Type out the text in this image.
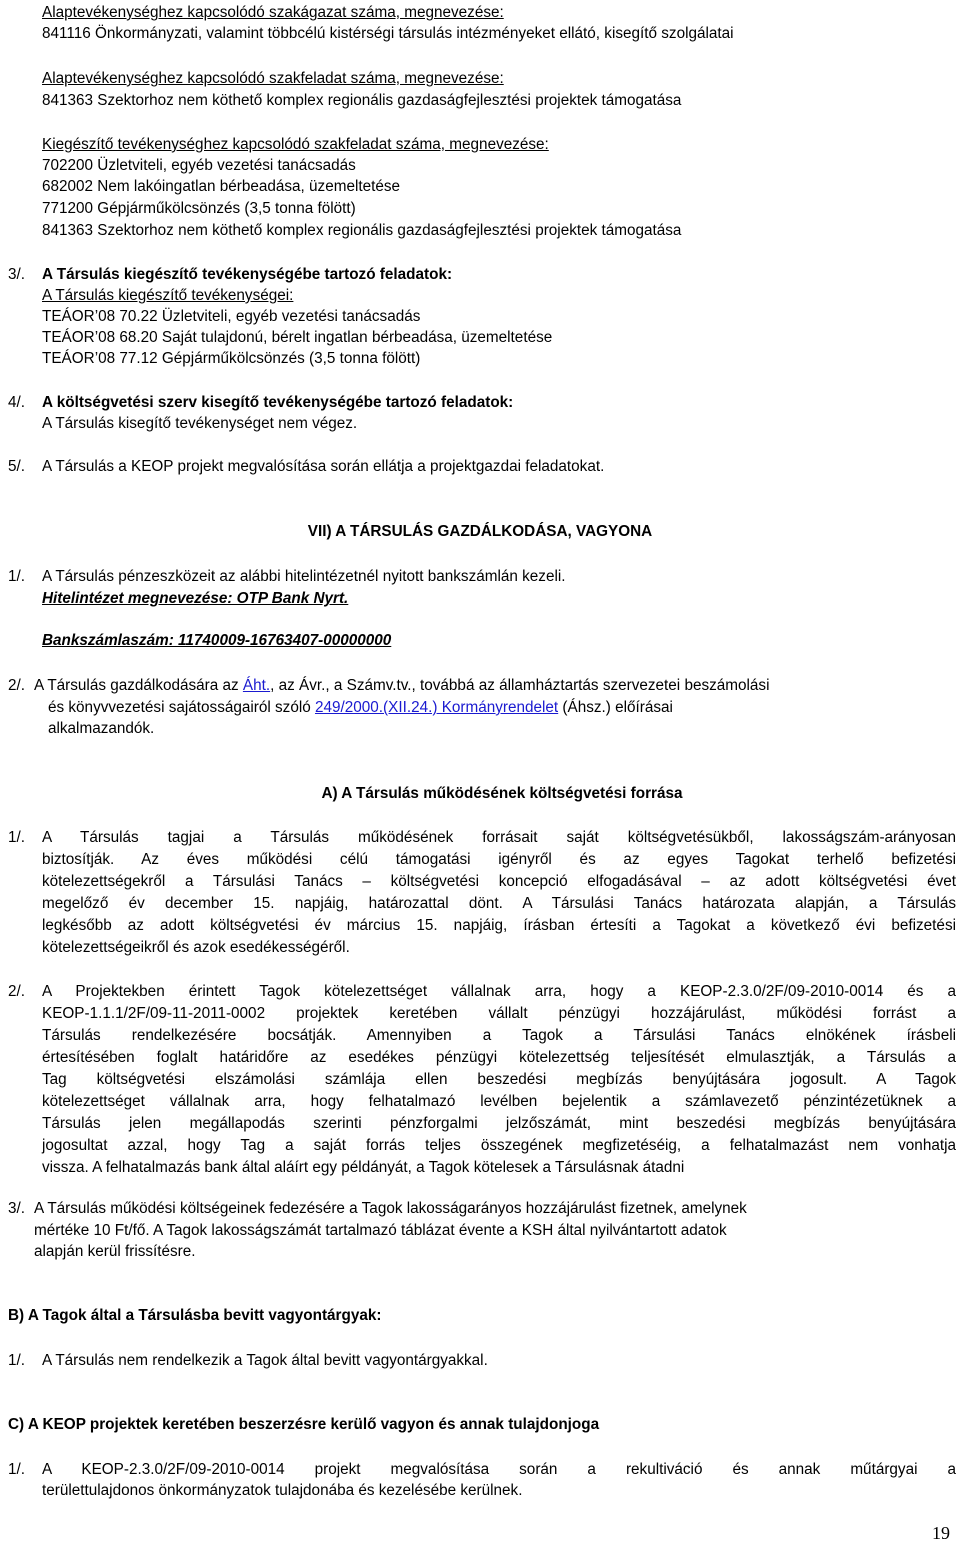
Alaptevékenységhez kapcsolódó szakágazat száma, megnevezése:
841116 Önkormányzati, valamint többcélú kistérségi társulás intézményeket ellátó, kisegítő szolgálatai
Alaptevékenységhez kapcsolódó szakfeladat száma, megnevezése:
841363 Szektorhoz nem köthető komplex regionális gazdaságfejlesztési projektek támogatása
Kiegészítő tevékenységhez kapcsolódó szakfeladat száma, megnevezése:
702200 Üzletviteli, egyéb vezetési tanácsadás
682002 Nem lakóingatlan bérbeadása, üzemeltetése
771200 Gépjárműkölcsönzés (3,5 tonna fölött)
841363 Szektorhoz nem köthető komplex regionális gazdaságfejlesztési projektek támogatása
3/. A Társulás kiegészítő tevékenységébe tartozó feladatok:
A Társulás kiegészítő tevékenységei:
TEÁOR’08 70.22 Üzletviteli, egyéb vezetési tanácsadás
TEÁOR’08 68.20 Saját tulajdonú, bérelt ingatlan bérbeadása, üzemeltetése
TEÁOR’08 77.12 Gépjárműkölcsönzés (3,5 tonna fölött)
4/. A költségvetési szerv kisegítő tevékenységébe tartozó feladatok:
A Társulás kisegítő tevékenységet nem végez.
5/. A Társulás a KEOP projekt megvalósítása során ellátja a projektgazdai feladatokat.
VII) A TÁRSULÁS GAZDÁLKODÁSA, VAGYONA
1/. A Társulás pénzeszközeit az alábbi hitelintézetnél nyitott bankszámlán kezeli.
Hitelintézet megnevezése: OTP Bank Nyrt.
Bankszámlaszám: 11740009-16763407-00000000
2/. A Társulás gazdálkodására az Áht., az Ávr., a Számv.tv., továbbá az államháztartás szervezetei beszámolási
és könyvvezetési sajátosságairól szóló 249/2000.(XII.24.) Kormányrendelet (Áhsz.) előírásai
alkalmazandók.
A) A Társulás működésének költségvetési forrása
1/. A Társulás tagjai a Társulás működésének forrásait saját költségvetésükből, lakosságszám-arányosan
biztosítják. Az éves működési célú támogatási igényről és az egyes Tagokat terhelő befizetési
kötelezettségekről a Társulási Tanács – költségvetési koncepció elfogadásával – az adott költségvetési évet
megelőző év december 15. napjáig, határozattal dönt. A Társulási Tanács határozata alapján, a Társulás
legkésőbb az adott költségvetési év március 15. napjáig, írásban értesíti a Tagokat a következő évi befizetési
kötelezettségeikről és azok esedékességéről.
2/. A Projektekben érintett Tagok kötelezettséget vállalnak arra, hogy a KEOP-2.3.0/2F/09-2010-0014 és a
KEOP-1.1.1/2F/09-11-2011-0002 projektek keretében vállalt pénzügyi hozzájárulást, működési forrást a
Társulás rendelkezésére bocsátják. Amennyiben a Tagok a Társulási Tanács elnökének írásbeli
értesítésében foglalt határidőre az esedékes pénzügyi kötelezettség teljesítését elmulasztják, a Társulás a
Tag költségvetési elszámolási számlája ellen beszedési megbízás benyújtására jogosult. A Tagok
kötelezettséget vállalnak arra, hogy felhatalmazó levélben bejelentik a számlavezető pénzintézetüknek a
Társulás jelen megállapodás szerinti pénzforgalmi jelzőszámát, mint beszedési megbízás benyújtására
jogosultat azzal, hogy Tag a saját forrás teljes összegének megfizetéséig, a felhatalmazást nem vonhatja
vissza. A felhatalmazás bank által aláírt egy példányát, a Tagok kötelesek a Társulásnak átadni
3/. A Társulás működési költségeinek fedezésére a Tagok lakosságarányos hozzájárulást fizetnek, amelynek
mértéke 10 Ft/fő. A Tagok lakosságszámát tartalmazó táblázat évente a KSH által nyilvántartott adatok
alapján kerül frissítésre.
B) A Tagok által a Társulásba bevitt vagyontárgyak:
1/. A Társulás nem rendelkezik a Tagok által bevitt vagyontárgyakkal.
C) A KEOP projektek keretében beszerzésre kerülő vagyon és annak tulajdonjoga
1/. A KEOP-2.3.0/2F/09-2010-0014 projekt megvalósítása során a rekultiváció és annak műtárgyai a
területtulajdonos önkormányzatok tulajdonába és kezelésébe kerülnek.
19
